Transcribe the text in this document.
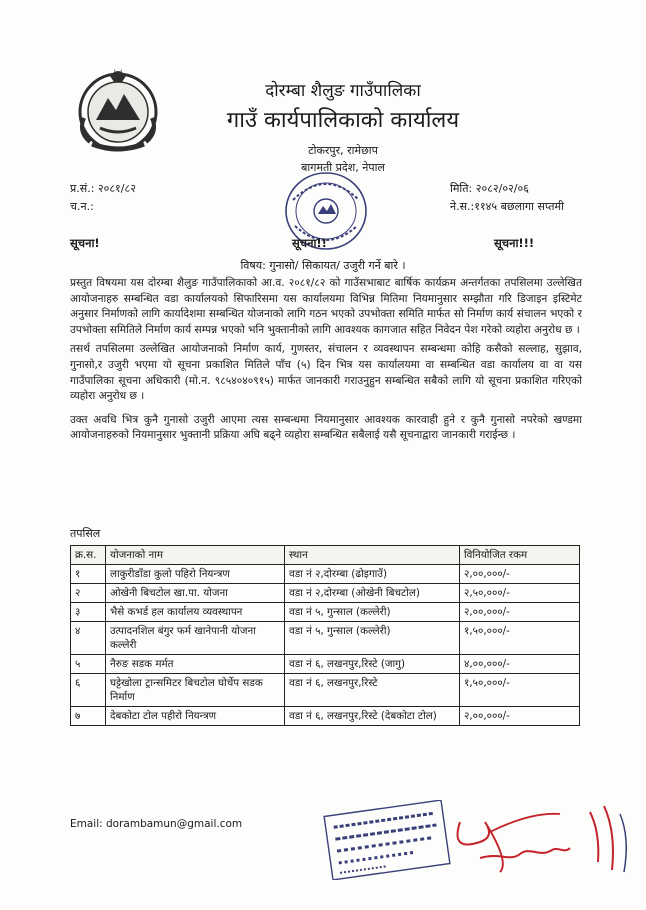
दोरम्बा शैलुङ गाउँपालिका
गाउँ कार्यपालिकाको कार्यालय
टोकरपुर, रामेछाप
बागमती प्रदेश, नेपाल
प्र.सं.: २०८१/८२
च.न.:
मिति: २०८२/०२/०६
ने.स.:११४५ बछलागा सप्तमी
सूचना!	सूचना!!	सूचना!!!
विषय: गुनासो/ सिकायत/ उजुरी गर्ने बारे ।

प्रस्तुत विषयमा यस दोरम्बा शैलुङ गाउँपालिकाको आ.व. २०८१/८२ को गाउँसभाबाट बार्षिक कार्यक्रम अन्तर्गतका तपसिलमा उल्लेखित आयोजनाहरु सम्बन्धित वडा कार्यालयको सिफारिसमा यस कार्यालयमा विभिन्न मितिमा नियमानुसार सम्झौता गरि डिजाइन इस्टिमेट अनुसार निर्माणको लागि कार्यादेशमा सम्बन्धित योजनाको लागि गठन भएको उपभोक्ता समिति मार्फत सो निर्माण कार्य संचालन भएको र उपभोक्ता समितिले निर्माण कार्य सम्पन्न भएको भनि भुक्तानीको लागि आवश्यक कागजात सहित निवेदन पेश गरेको व्यहोरा अनुरोध छ ।

तसर्थ तपसिलमा उल्लेखित आयोजनाको निर्माण कार्य, गुणस्तर, संचालन र व्यवस्थापन सम्बन्धमा कोहि कसैको सल्लाह, सुझाव, गुनासो,र उजुरी भएमा यो सूचना प्रकाशित मितिले पाँच (५) दिन भित्र यस कार्यालयमा वा सम्बन्धित वडा कार्यालय वा वा यस गाउँपालिका सूचना अधिकारी (मो.न. ९८५४०४०९१५) मार्फत जानकारी गराउनुहुन सम्बन्धित सबैको लागि यो सूचना प्रकाशित गरिएको व्यहोरा अनुरोध छ ।

उक्त अवधि भित्र कुनै गुनासो उजुरी आएमा त्यस सम्बन्धमा नियमानुसार आवश्यक कारवाही हुने र कुनै गुनासो नपरेको खण्डमा आयोजनाहरुको नियमानुसार भुक्तानी प्रक्रिया अघि बढ्ने व्यहोरा सम्बन्धित सबैलाई यसै सूचनाद्वारा जानकारी गराईन्छ ।

तपसिल
क्र.स.	योजनाको नाम	स्थान	विनियोजित रकम
१	लाकुरीडाँडा कुलो पहिरो नियन्त्रण	वडा नं २,दोरम्बा (ढोइगाउँ)	२,००,०००/-
२	ओखेनी बिचटोल खा.पा. योजना	वडा नं २,दोरम्बा (ओखेनी बिचटोल)	२,५०,०००/-
३	भैसे कभर्ड हल कार्यालय व्यवस्थापन	वडा नं ५, गुन्साल (कल्लेरी)	२,००,०००/-
४	उत्पादनशिल बंगुर फर्म खानेपानी योजना कल्लेरी	वडा नं ५, गुन्साल (कल्लेरी)	१,५०,०००/-
५	नैरुङ सडक मर्मत	वडा नं ६, लखनपुर,रिस्टे (जागु)	४,००,०००/-
६	घट्टेखोला ट्रान्समिटर बिचटोल घोर्चेप सडक निर्माण	वडा नं ६, लखनपुर,रिस्टे	१,५०,०००/-
७	देबकोटा टोल पहीरो नियन्त्रण	वडा नं ६, लखनपुर,रिस्टे (देबकोटा टोल)	२,००,०००/-
Email: dorambamun@gmail.com
